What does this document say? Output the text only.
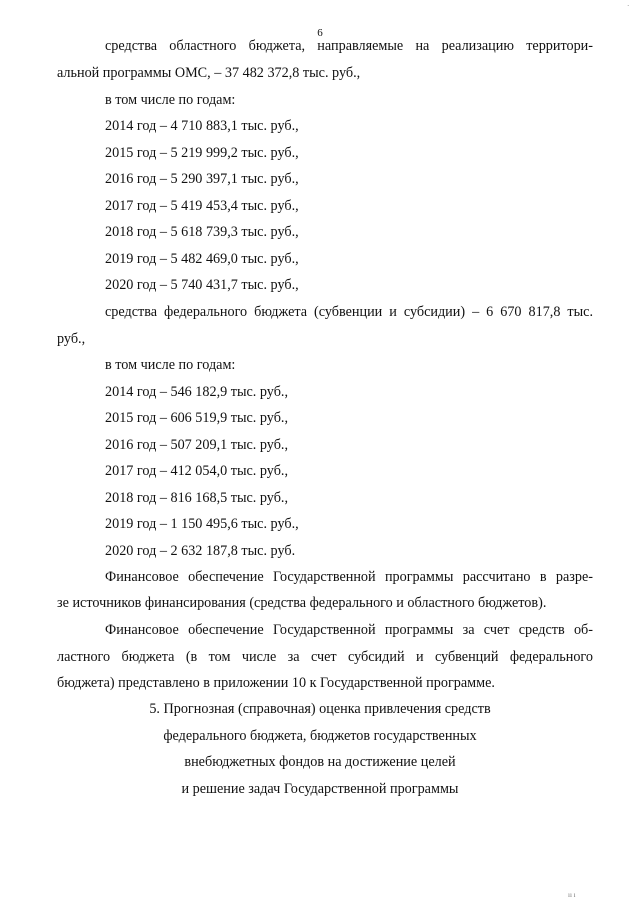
6
средства областного бюджета, направляемые на реализацию территори-
альной программы ОМС, – 37 482 372,8 тыс. руб.,
в том числе по годам:
2014 год – 4 710 883,1 тыс. руб.,
2015 год – 5 219 999,2 тыс. руб.,
2016 год – 5 290 397,1 тыс. руб.,
2017 год – 5 419 453,4 тыс. руб.,
2018 год – 5 618 739,3 тыс. руб.,
2019 год – 5 482 469,0 тыс. руб.,
2020 год – 5 740 431,7 тыс. руб.,
средства федерального бюджета (субвенции и субсидии) – 6 670 817,8 тыс.
руб.,
в том числе по годам:
2014 год – 546 182,9 тыс. руб.,
2015 год – 606 519,9 тыс. руб.,
2016 год – 507 209,1 тыс. руб.,
2017 год – 412 054,0 тыс. руб.,
2018 год – 816 168,5 тыс. руб.,
2019 год – 1 150 495,6 тыс. руб.,
2020 год – 2 632 187,8 тыс. руб.
Финансовое обеспечение Государственной программы рассчитано в разре-
зе источников финансирования (средства федерального и областного бюджетов).
Финансовое обеспечение Государственной программы за счет средств об-
ластного бюджета (в том числе за счет субсидий и субвенций федерального
бюджета) представлено в приложении 10 к Государственной программе.
5. Прогнозная (справочная) оценка привлечения средств
федерального бюджета, бюджетов государственных
внебюджетных фондов на достижение целей
и решение задач Государственной программы
ıı ı
·
